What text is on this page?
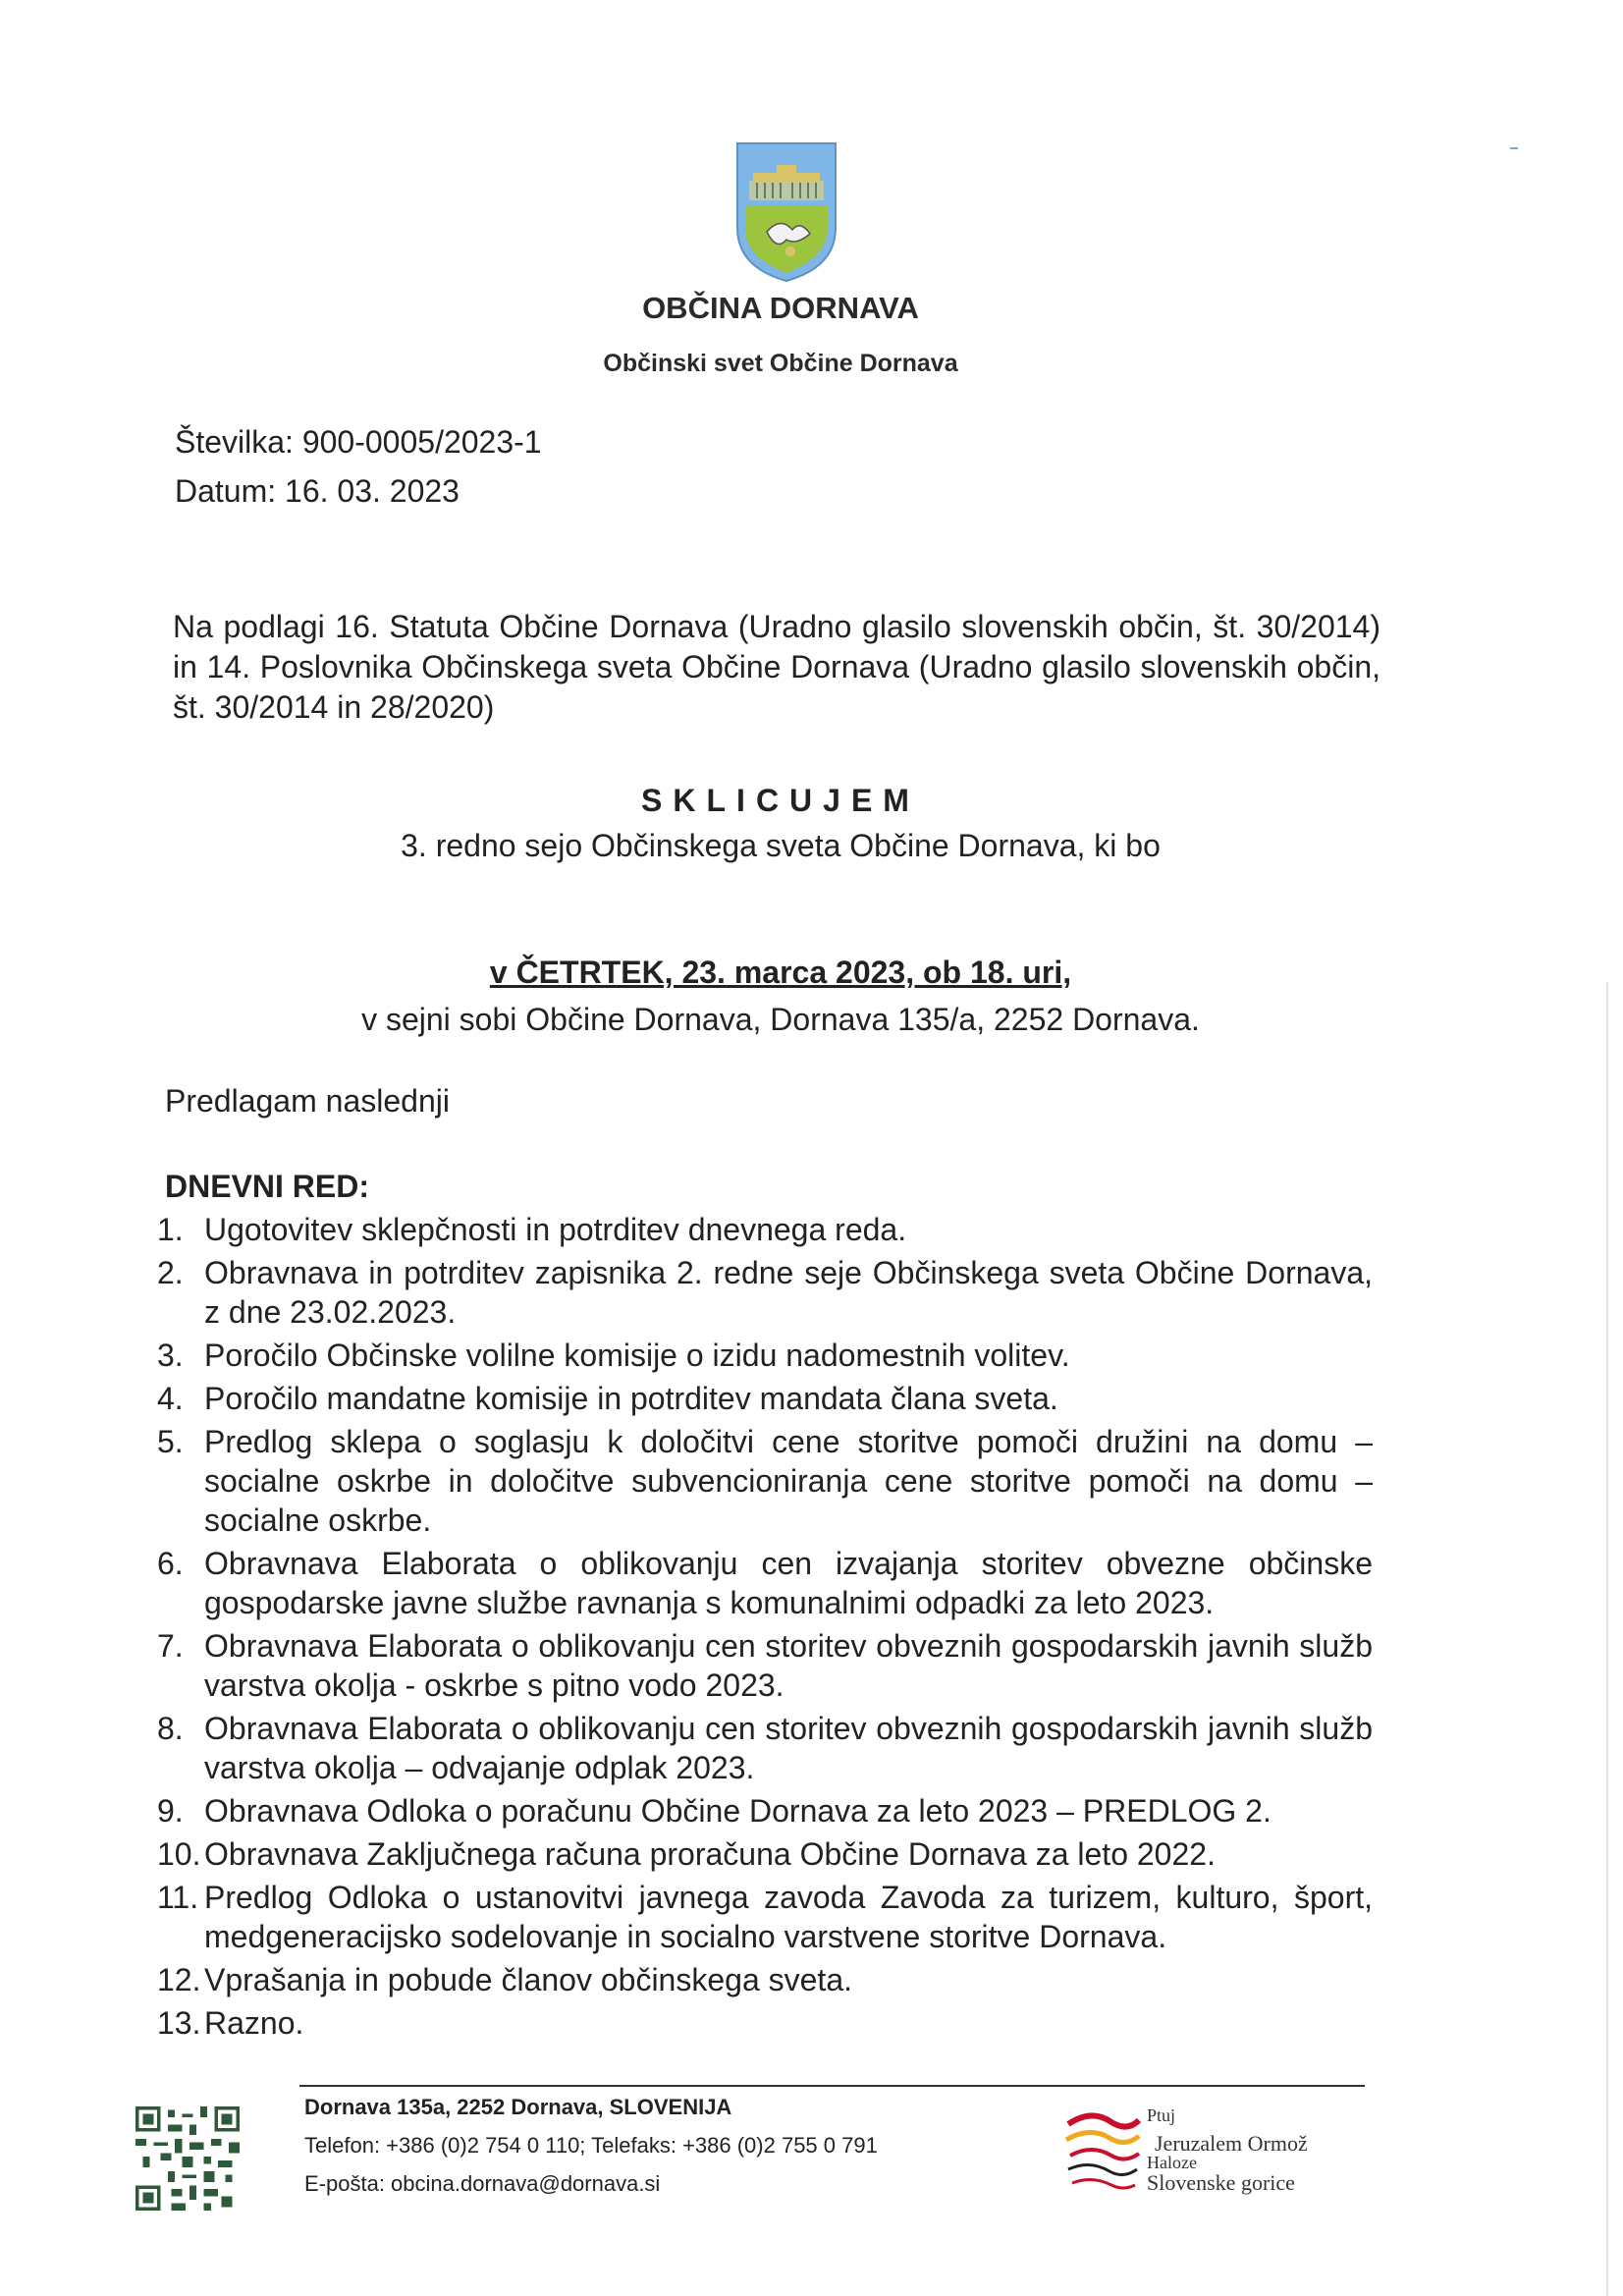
OBČINA DORNAVA
Občinski svet Občine Dornava
Številka: 900-0005/2023-1
Datum: 16. 03. 2023
Na podlagi 16. Statuta Občine Dornava (Uradno glasilo slovenskih občin, št. 30/2014) in 14. Poslovnika Občinskega sveta Občine Dornava (Uradno glasilo slovenskih občin, št. 30/2014 in 28/2020)
SKLICUJEM
3. redno sejo Občinskega sveta Občine Dornava, ki bo
v ČETRTEK, 23. marca 2023, ob 18. uri,
v sejni sobi Občine Dornava, Dornava 135/a, 2252 Dornava.
Predlagam naslednji
DNEVNI RED:
1. Ugotovitev sklepčnosti in potrditev dnevnega reda.
2. Obravnava in potrditev zapisnika 2. redne seje Občinskega sveta Občine Dornava, z dne 23.02.2023.
3. Poročilo Občinske volilne komisije o izidu nadomestnih volitev.
4. Poročilo mandatne komisije in potrditev mandata člana sveta.
5. Predlog sklepa o soglasju k določitvi cene storitve pomoči družini na domu – socialne oskrbe in določitve subvencioniranja cene storitve pomoči na domu – socialne oskrbe.
6. Obravnava Elaborata o oblikovanju cen izvajanja storitev obvezne občinske gospodarske javne službe ravnanja s komunalnimi odpadki za leto 2023.
7. Obravnava Elaborata o oblikovanju cen storitev obveznih gospodarskih javnih služb varstva okolja - oskrbe s pitno vodo 2023.
8. Obravnava Elaborata o oblikovanju cen storitev obveznih gospodarskih javnih služb varstva okolja – odvajanje odplak 2023.
9. Obravnava Odloka o poračunu Občine Dornava za leto 2023 – PREDLOG 2.
10. Obravnava Zaključnega računa proračuna Občine Dornava za leto 2022.
11. Predlog Odloka o ustanovitvi javnega zavoda Zavoda za turizem, kulturo, šport, medgeneracijsko sodelovanje in socialno varstvene storitve Dornava.
12. Vprašanja in pobude članov občinskega sveta.
13. Razno.
Dornava 135a, 2252 Dornava, SLOVENIJA
Telefon: +386 (0)2 754 0 110; Telefaks: +386 (0)2 755 0 791
E-pošta: obcina.dornava@dornava.si
Ptuj
Jeruzalem Ormož
Haloze
Slovenske gorice
